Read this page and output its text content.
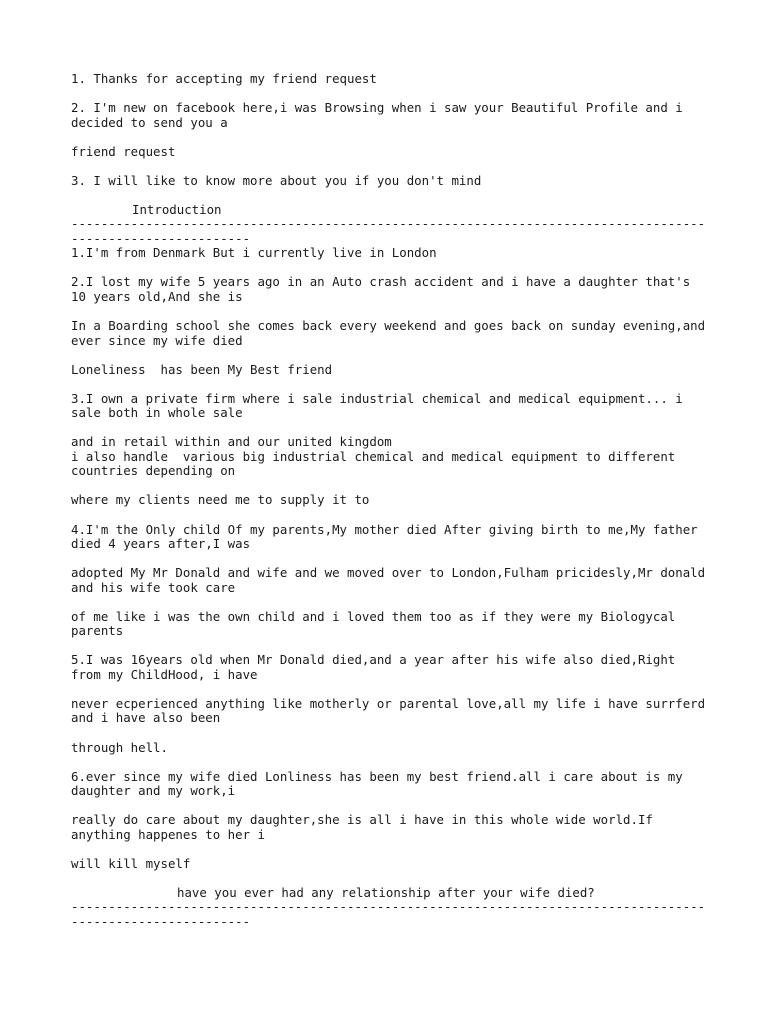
1. Thanks for accepting my friend request

2. I'm new on facebook here,i was Browsing when i saw your Beautiful Profile and i decided to send you a

friend request

3. I will like to know more about you if you don't mind

Introduction

-------------------------------------------------------------------------------------------------------------

1.I'm from Denmark But i currently live in London

2.I lost my wife 5 years ago in an Auto crash accident and i have a daughter that's 10 years old,And she is

In a Boarding school she comes back every weekend and goes back on sunday evening,and ever since my wife died

Loneliness  has been My Best friend

3.I own a private firm where i sale industrial chemical and medical equipment... i sale both in whole sale

and in retail within and our united kingdom

i also handle  various big industrial chemical and medical equipment to different countries depending on

where my clients need me to supply it to

4.I'm the Only child Of my parents,My mother died After giving birth to me,My father died 4 years after,I was

adopted My Mr Donald and wife and we moved over to London,Fulham pricidesly,Mr donald and his wife took care

of me like i was the own child and i loved them too as if they were my Biologycal parents

5.I was 16years old when Mr Donald died,and a year after his wife also died,Right from my ChildHood, i have

never ecperienced anything like motherly or parental love,all my life i have surrferd and i have also been

through hell.

6.ever since my wife died Lonliness has been my best friend.all i care about is my daughter and my work,i

really do care about my daughter,she is all i have in this whole wide world.If anything happenes to her i

will kill myself

have you ever had any relationship after your wife died?

-------------------------------------------------------------------------------------------------------------
